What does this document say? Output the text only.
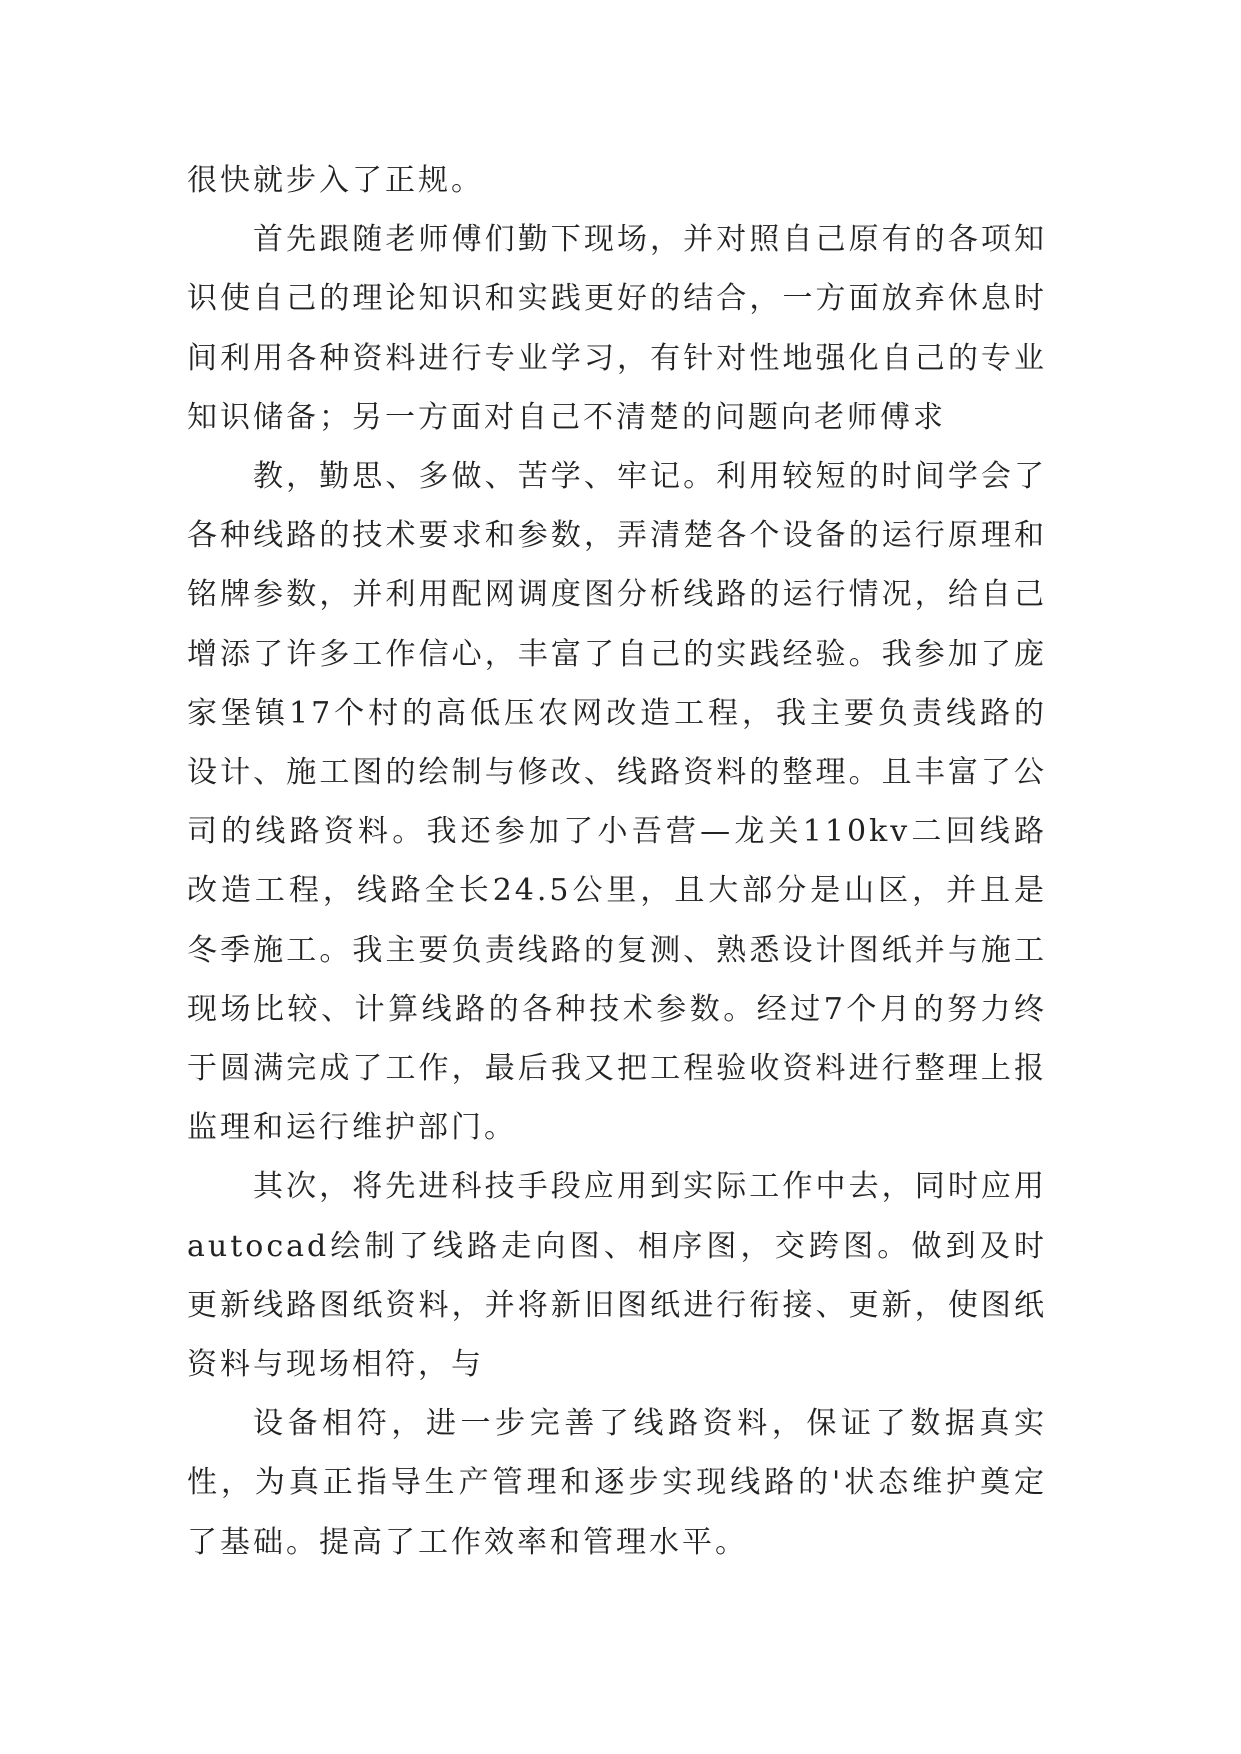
很快就步入了正规。

首先跟随老师傅们勤下现场，并对照自己原有的各项知识使自己的理论知识和实践更好的结合，一方面放弃休息时间利用各种资料进行专业学习，有针对性地强化自己的专业知识储备；另一方面对自己不清楚的问题向老师傅求

教，勤思、多做、苦学、牢记。利用较短的时间学会了各种线路的技术要求和参数，弄清楚各个设备的运行原理和铭牌参数，并利用配网调度图分析线路的运行情况，给自己增添了许多工作信心，丰富了自己的实践经验。我参加了庞家堡镇17个村的高低压农网改造工程，我主要负责线路的设计、施工图的绘制与修改、线路资料的整理。且丰富了公司的线路资料。我还参加了小吾营—龙关110kv二回线路改造工程，线路全长24.5公里，且大部分是山区，并且是冬季施工。我主要负责线路的复测、熟悉设计图纸并与施工现场比较、计算线路的各种技术参数。经过7个月的努力终于圆满完成了工作，最后我又把工程验收资料进行整理上报监理和运行维护部门。

其次，将先进科技手段应用到实际工作中去，同时应用autocad绘制了线路走向图、相序图，交跨图。做到及时更新线路图纸资料，并将新旧图纸进行衔接、更新，使图纸资料与现场相符，与

设备相符，进一步完善了线路资料，保证了数据真实性，为真正指导生产管理和逐步实现线路的'状态维护奠定了基础。提高了工作效率和管理水平。
